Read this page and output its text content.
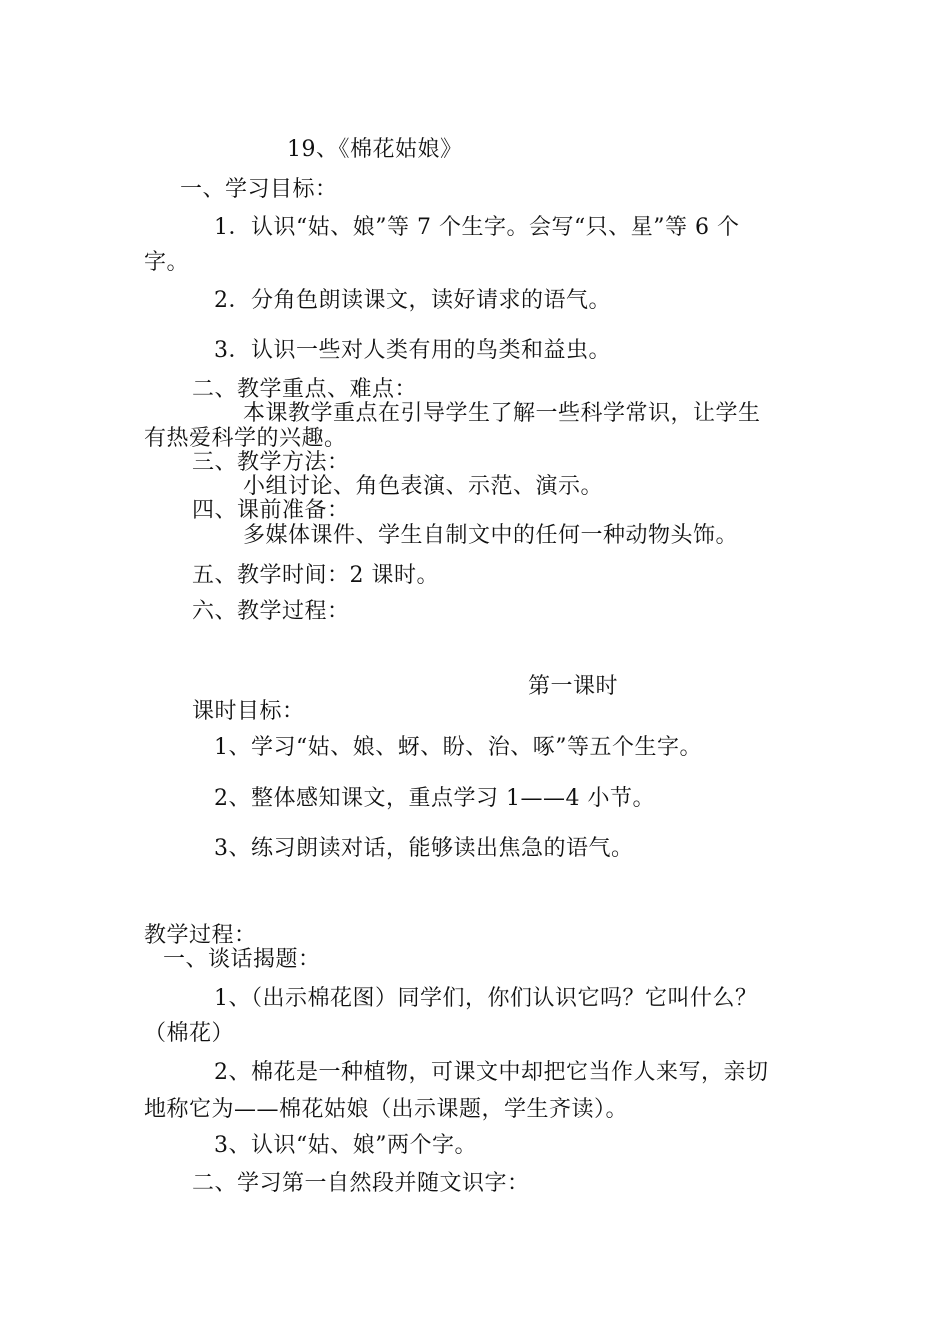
19、《棉花姑娘》
一、学习目标：
1．认识“姑、娘”等 7 个生字。会写“只、星”等 6 个
字。
2．分角色朗读课文，读好请求的语气。
3．认识一些对人类有用的鸟类和益虫。
二、教学重点、难点：
本课教学重点在引导学生了解一些科学常识，让学生
有热爱科学的兴趣。
三、教学方法：
小组讨论、角色表演、示范、演示。
四、课前准备：
多媒体课件、学生自制文中的任何一种动物头饰。
五、教学时间：2 课时。
六、教学过程：
第一课时
课时目标：
1、学习“姑、娘、蚜、盼、治、啄”等五个生字。
2、整体感知课文，重点学习 1——4 小节。
3、练习朗读对话，能够读出焦急的语气。
教学过程：
一、谈话揭题：
1、（出示棉花图）同学们，你们认识它吗？它叫什么？
（棉花）
2、棉花是一种植物，可课文中却把它当作人来写，亲切
地称它为——棉花姑娘（出示课题，学生齐读）。
3、认识“姑、娘”两个字。
二、学习第一自然段并随文识字：
